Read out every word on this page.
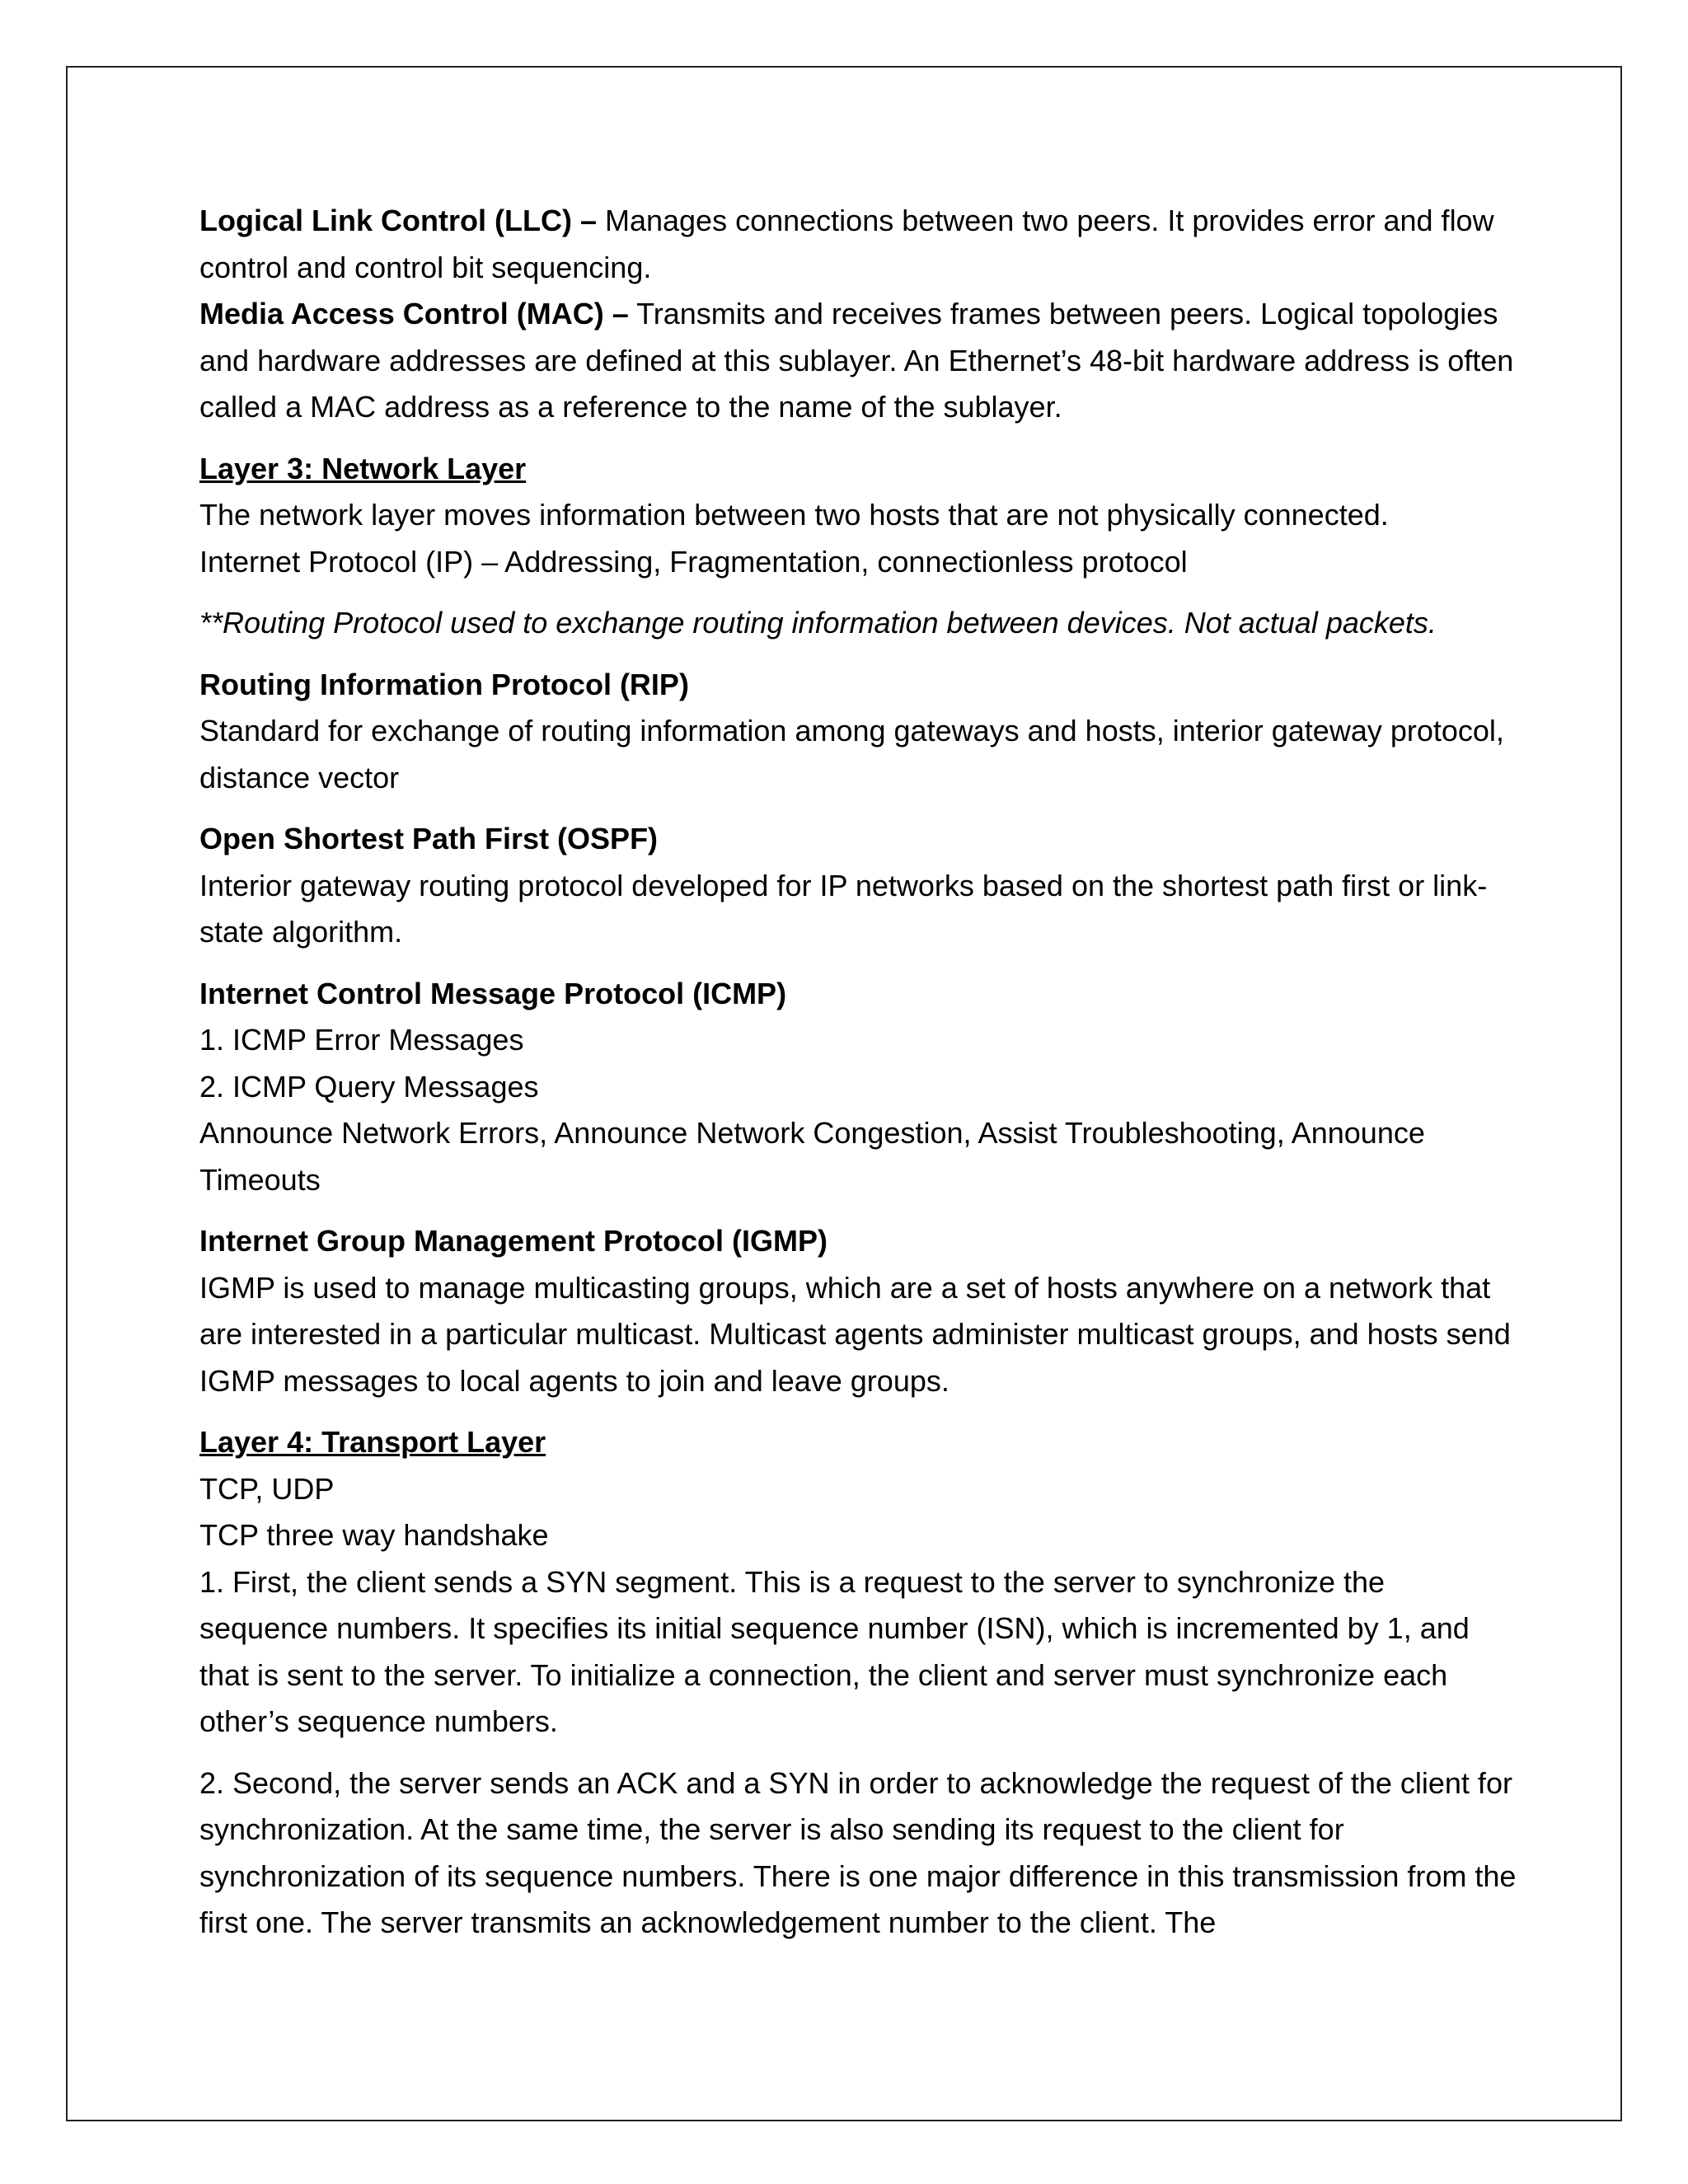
Logical Link Control (LLC) – Manages connections between two peers. It provides error and flow control and control bit sequencing.

Media Access Control (MAC) – Transmits and receives frames between peers. Logical topologies and hardware addresses are defined at this sublayer. An Ethernet’s 48-bit hardware address is often called a MAC address as a reference to the name of the sublayer.

Layer 3: Network Layer

The network layer moves information between two hosts that are not physically connected.

Internet Protocol (IP) – Addressing, Fragmentation, connectionless protocol

**Routing Protocol used to exchange routing information between devices. Not actual packets.

Routing Information Protocol (RIP)

Standard for exchange of routing information among gateways and hosts, interior gateway protocol, distance vector

Open Shortest Path First (OSPF)

Interior gateway routing protocol developed for IP networks based on the shortest path first or link-state algorithm.

Internet Control Message Protocol (ICMP)

1. ICMP Error Messages

2. ICMP Query Messages

Announce Network Errors, Announce Network Congestion, Assist Troubleshooting, Announce Timeouts

Internet Group Management Protocol (IGMP)

IGMP is used to manage multicasting groups, which are a set of hosts anywhere on a network that are interested in a particular multicast. Multicast agents administer multicast groups, and hosts send IGMP messages to local agents to join and leave groups.

Layer 4: Transport Layer

TCP, UDP

TCP three way handshake

1. First, the client sends a SYN segment. This is a request to the server to synchronize the sequence numbers. It specifies its initial sequence number (ISN), which is incremented by 1, and that is sent to the server. To initialize a connection, the client and server must synchronize each other’s sequence numbers.

2. Second, the server sends an ACK and a SYN in order to acknowledge the request of the client for synchronization. At the same time, the server is also sending its request to the client for synchronization of its sequence numbers. There is one major difference in this transmission from the first one. The server transmits an acknowledgement number to the client. The
